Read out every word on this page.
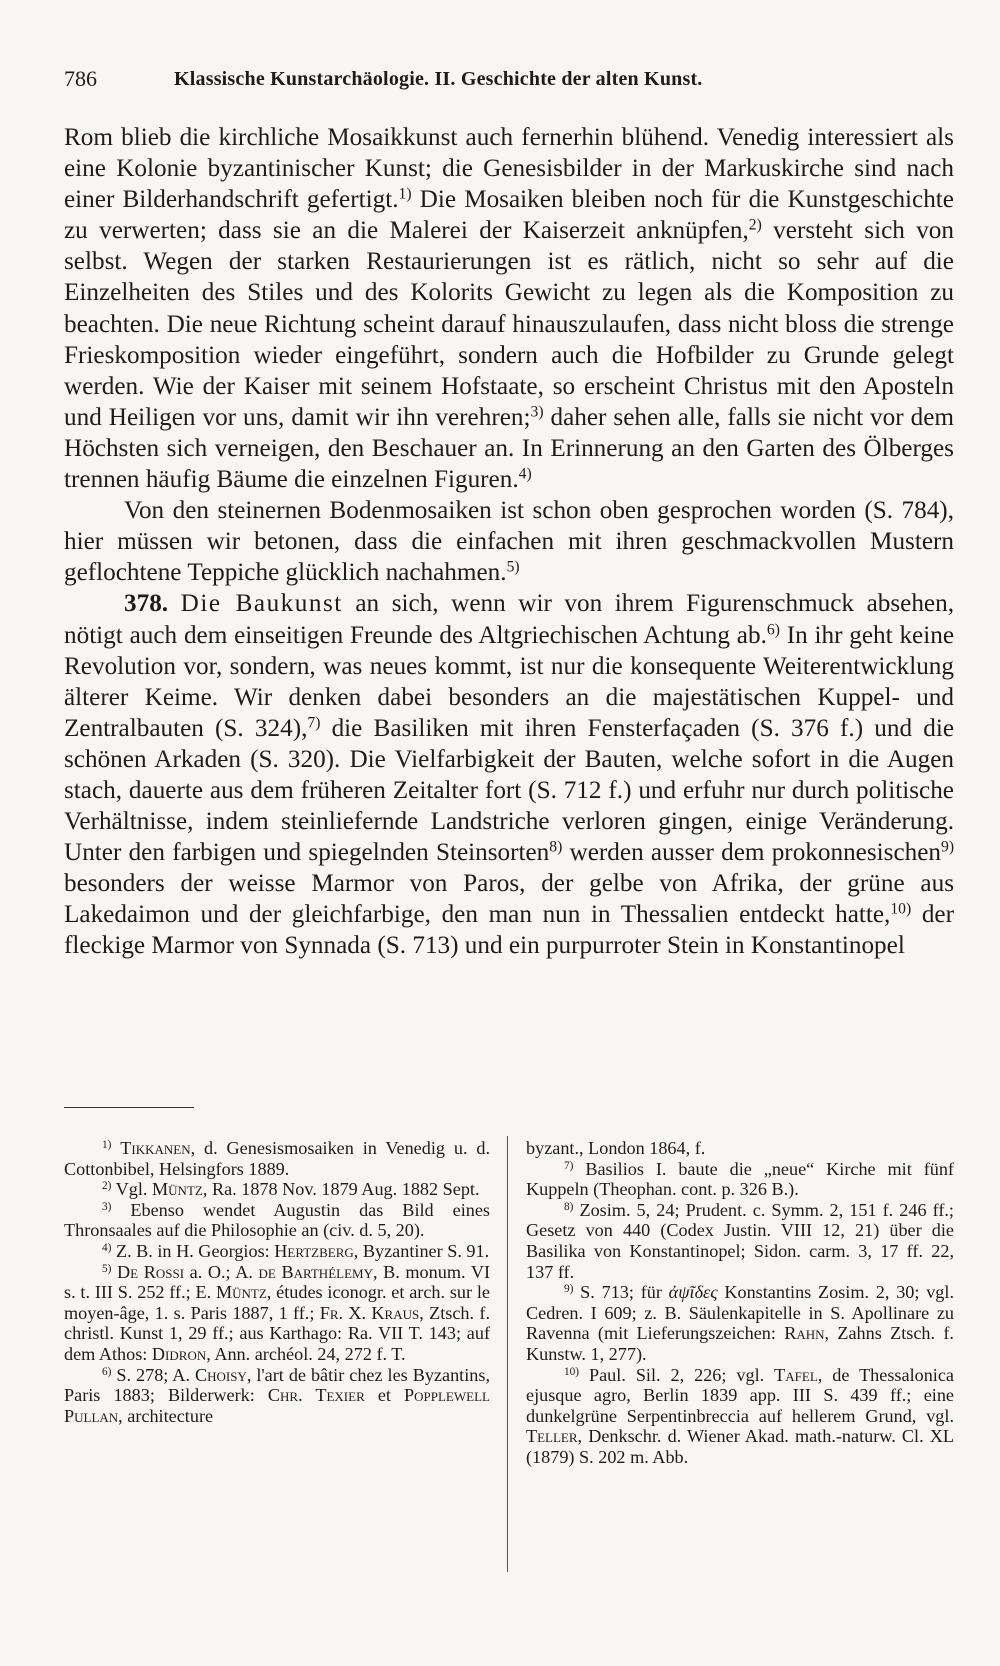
786	Klassische Kunstarchäologie. II. Geschichte der alten Kunst.

Rom blieb die kirchliche Mosaikkunst auch fernerhin blühend. Venedig interessiert als eine Kolonie byzantinischer Kunst; die Genesisbilder in der Markuskirche sind nach einer Bilderhandschrift gefertigt.$^{1)}$ Die Mosaiken bleiben noch für die Kunstgeschichte zu verwerten; dass sie an die Malerei der Kaiserzeit anknüpfen,$^{2)}$ versteht sich von selbst. Wegen der starken Restaurierungen ist es rätlich, nicht so sehr auf die Einzelheiten des Stiles und des Kolorits Gewicht zu legen als die Komposition zu beachten. Die neue Richtung scheint darauf hinauszulaufen, dass nicht bloss die strenge Frieskomposition wieder eingeführt, sondern auch die Hofbilder zu Grunde gelegt werden. Wie der Kaiser mit seinem Hofstaate, so erscheint Christus mit den Aposteln und Heiligen vor uns, damit wir ihn verehren;$^{3)}$ daher sehen alle, falls sie nicht vor dem Höchsten sich verneigen, den Beschauer an. In Erinnerung an den Garten des Ölberges trennen häufig Bäume die einzelnen Figuren.$^{4)}$

Von den steinernen Bodenmosaiken ist schon oben gesprochen worden (S. 784), hier müssen wir betonen, dass die einfachen mit ihren geschmackvollen Mustern geflochtene Teppiche glücklich nachahmen.$^{5)}$

378. Die Baukunst an sich, wenn wir von ihrem Figurenschmuck absehen, nötigt auch dem einseitigen Freunde des Altgriechischen Achtung ab.$^{6)}$ In ihr geht keine Revolution vor, sondern, was neues kommt, ist nur die konsequente Weiterentwicklung älterer Keime. Wir denken dabei besonders an die majestätischen Kuppel- und Zentralbauten (S. 324),$^{7)}$ die Basiliken mit ihren Fensterfaçaden (S. 376 f.) und die schönen Arkaden (S. 320). Die Vielfarbigkeit der Bauten, welche sofort in die Augen stach, dauerte aus dem früheren Zeitalter fort (S. 712 f.) und erfuhr nur durch politische Verhältnisse, indem steinliefernde Landstriche verloren gingen, einige Veränderung. Unter den farbigen und spiegelnden Steinsorten$^{8)}$ werden ausser dem prokonnesischen$^{9)}$ besonders der weisse Marmor von Paros, der gelbe von Afrika, der grüne aus Lakedaimon und der gleichfarbige, den man nun in Thessalien entdeckt hatte,$^{10)}$ der fleckige Marmor von Synnada (S. 713) und ein purpurroter Stein in Konstantinopel

$^{1)}$ Tikkanen, d. Genesismosaiken in Venedig u. d. Cottonbibel, Helsingfors 1889.

$^{2)}$ Vgl. Müntz, Ra. 1878 Nov. 1879 Aug. 1882 Sept.

$^{3)}$ Ebenso wendet Augustin das Bild eines Thronsaales auf die Philosophie an (civ. d. 5, 20).

$^{4)}$ Z. B. in H. Georgios: Hertzberg, Byzantiner S. 91.

$^{5)}$ De Rossi a. O.; A. de Barthélemy, B. monum. VI s. t. III S. 252 ff.; E. Müntz, études iconogr. et arch. sur le moyen-âge, 1. s. Paris 1887, 1 ff.; Fr. X. Kraus, Ztsch. f. christl. Kunst 1, 29 ff.; aus Karthago: Ra. VII T. 143; auf dem Athos: Didron, Ann. archéol. 24, 272 f. T.

$^{6)}$ S. 278; A. Choisy, l'art de bâtir chez les Byzantins, Paris 1883; Bilderwerk: Chr. Texier et Popplewell Pullan, architecture

byzant., London 1864, f.

$^{7)}$ Basilios I. baute die „neue“ Kirche mit fünf Kuppeln (Theophan. cont. p. 326 B.).

$^{8)}$ Zosim. 5, 24; Prudent. c. Symm. 2, 151 f. 246 ff.; Gesetz von 440 (Codex Justin. VIII 12, 21) über die Basilika von Konstantinopel; Sidon. carm. 3, 17 ff. 22, 137 ff.

$^{9)}$ S. 713; für ἀψῖδες Konstantins Zosim. 2, 30; vgl. Cedren. I 609; z. B. Säulenkapitelle in S. Apollinare zu Ravenna (mit Lieferungszeichen: Rahn, Zahns Ztsch. f. Kunstw. 1, 277).

$^{10)}$ Paul. Sil. 2, 226; vgl. Tafel, de Thessalonica ejusque agro, Berlin 1839 app. III S. 439 ff.; eine dunkelgrüne Serpentinbreccia auf hellerem Grund, vgl. Teller, Denkschr. d. Wiener Akad. math.-naturw. Cl. XL (1879) S. 202 m. Abb.
